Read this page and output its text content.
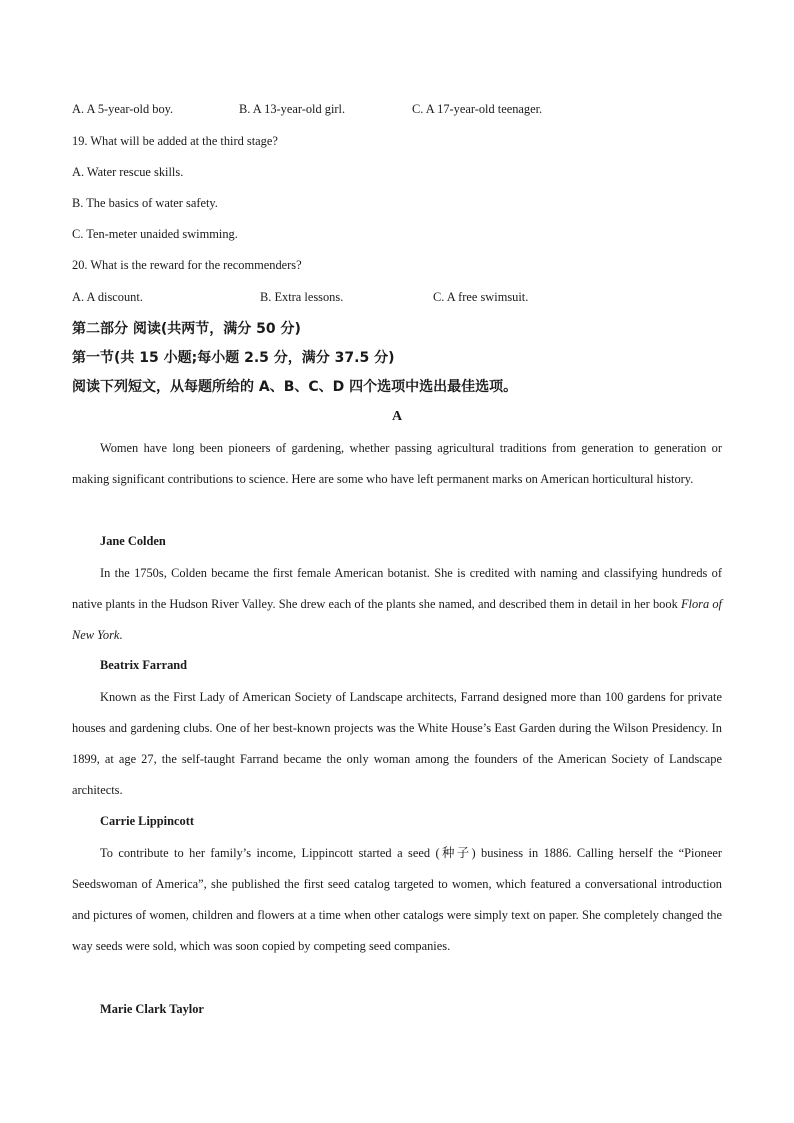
A. A 5-year-old boy.	B. A 13-year-old girl.	C. A 17-year-old teenager.
19. What will be added at the third stage?
A. Water rescue skills.
B. The basics of water safety.
C. Ten-meter unaided swimming.
20. What is the reward for the recommenders?
A. A discount.	B. Extra lessons.	C. A free swimsuit.
第二部分 阅读(共两节，满分 50 分)
第一节(共 15 小题;每小题 2.5 分，满分 37.5 分)
阅读下列短文，从每题所给的 A、B、C、D 四个选项中选出最佳选项。
A
Women have long been pioneers of gardening, whether passing agricultural traditions from generation to generation or making significant contributions to science. Here are some who have left permanent marks on American horticultural history.
Jane Colden
In the 1750s, Colden became the first female American botanist. She is credited with naming and classifying hundreds of native plants in the Hudson River Valley. She drew each of the plants she named, and described them in detail in her book Flora of New York.
Beatrix Farrand
Known as the First Lady of American Society of Landscape architects, Farrand designed more than 100 gardens for private houses and gardening clubs. One of her best-known projects was the White House’s East Garden during the Wilson Presidency. In 1899, at age 27, the self-taught Farrand became the only woman among the founders of the American Society of Landscape architects.
Carrie Lippincott
To contribute to her family’s income, Lippincott started a seed (种子) business in 1886. Calling herself the “Pioneer Seedswoman of America”, she published the first seed catalog targeted to women, which featured a conversational introduction and pictures of women, children and flowers at a time when other catalogs were simply text on paper. She completely changed the way seeds were sold, which was soon copied by competing seed companies.
Marie Clark Taylor
